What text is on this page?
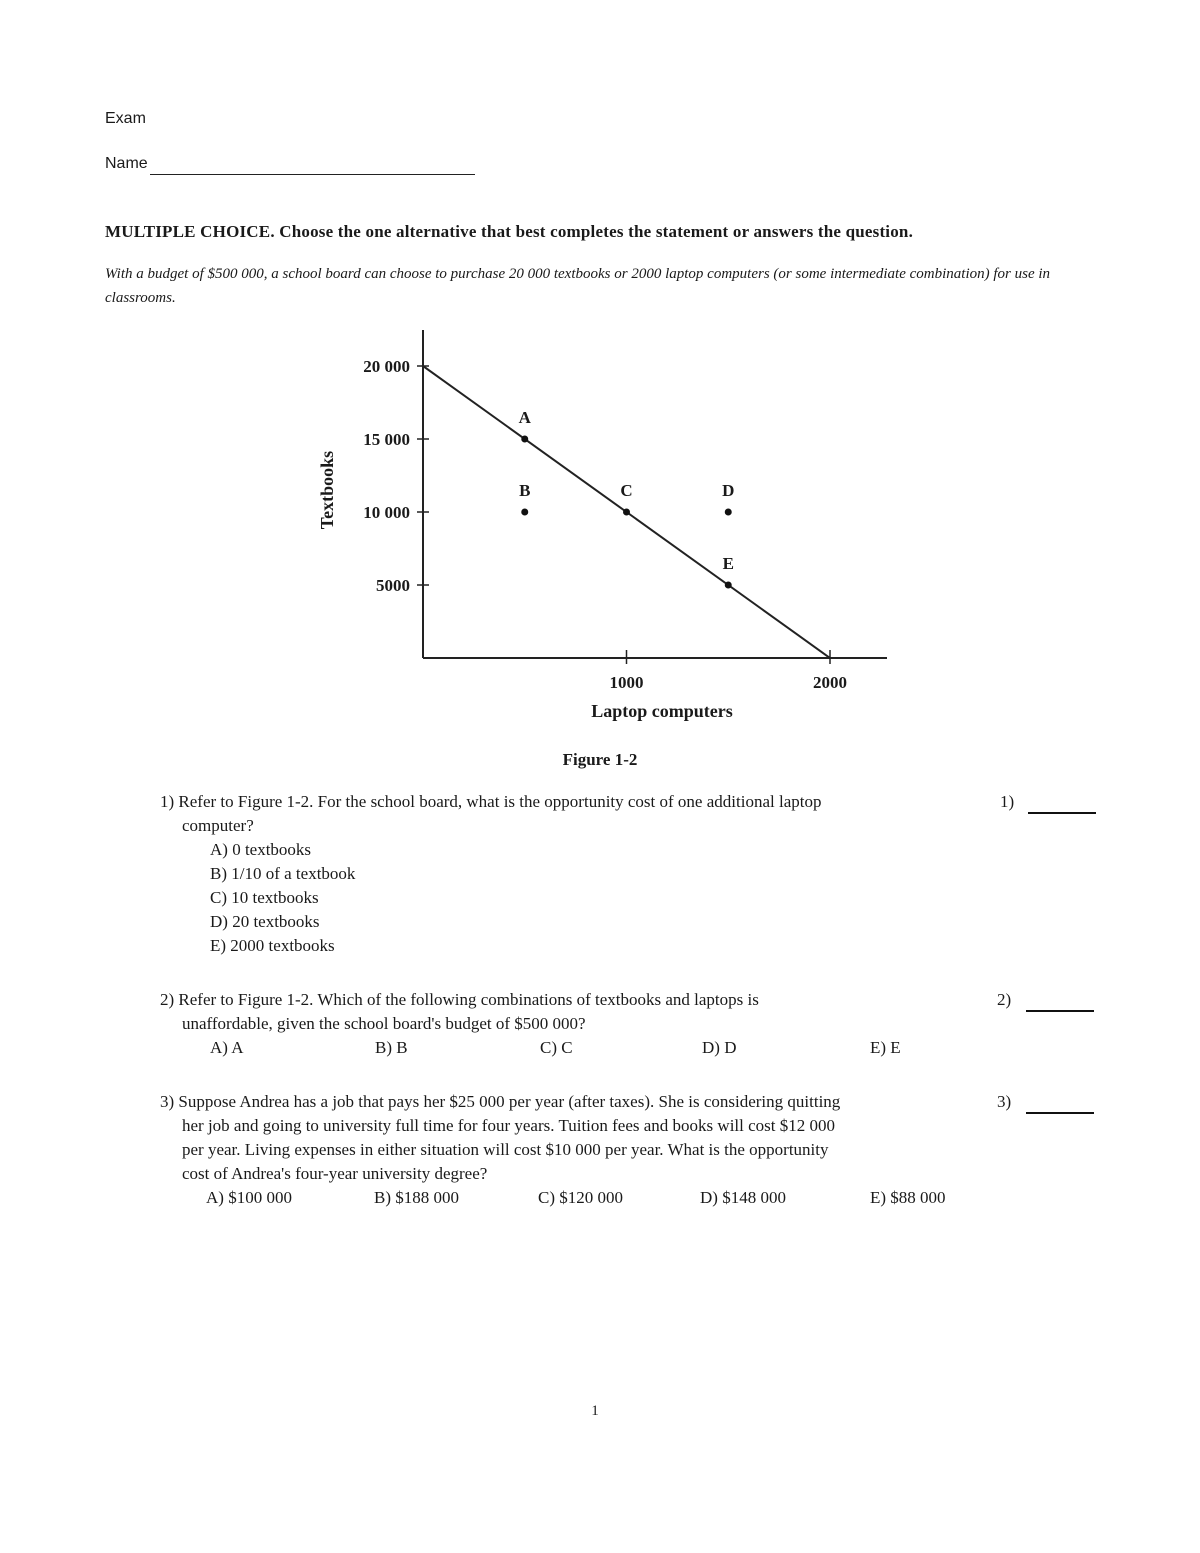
Exam
Name
MULTIPLE CHOICE. Choose the one alternative that best completes the statement or answers the question.
With a budget of $500 000, a school board can choose to purchase 20 000 textbooks or 2000 laptop computers (or some intermediate combination) for use in classrooms.
20 000
15 000
10 000
5000
1000	2000
Laptop computers
Textbooks
A
B	C	D
E
Figure 1-2
1) Refer to Figure 1-2. For the school board, what is the opportunity cost of one additional laptop
computer?
A) 0 textbooks
B) 1/10 of a textbook
C) 10 textbooks
D) 20 textbooks
E) 2000 textbooks
1)
2) Refer to Figure 1-2. Which of the following combinations of textbooks and laptops is
unaffordable, given the school board's budget of $500 000?
A) A	B) B	C) C	D) D	E) E
2)
3) Suppose Andrea has a job that pays her $25 000 per year (after taxes). She is considering quitting
her job and going to university full time for four years. Tuition fees and books will cost $12 000
per year. Living expenses in either situation will cost $10 000 per year. What is the opportunity
cost of Andrea's four-year university degree?
A) $100 000	B) $188 000	C) $120 000	D) $148 000	E) $88 000
3)
1
